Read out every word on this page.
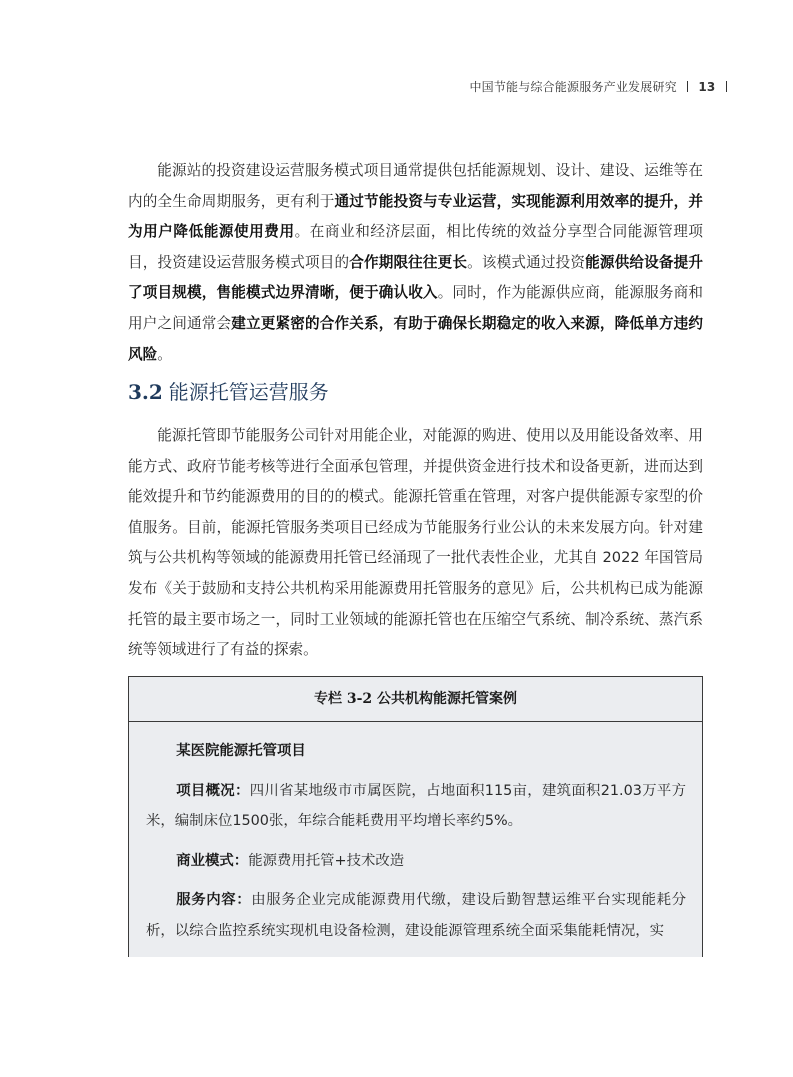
中国节能与综合能源服务产业发展研究 13

能源站的投资建设运营服务模式项目通常提供包括能源规划、设计、建设、运维等在内的全生命周期服务，更有利于通过节能投资与专业运营，实现能源利用效率的提升，并为用户降低能源使用费用。在商业和经济层面，相比传统的效益分享型合同能源管理项目，投资建设运营服务模式项目的合作期限往往更长。该模式通过投资能源供给设备提升了项目规模，售能模式边界清晰，便于确认收入。同时，作为能源供应商，能源服务商和用户之间通常会建立更紧密的合作关系，有助于确保长期稳定的收入来源，降低单方违约风险。

3.2 能源托管运营服务

能源托管即节能服务公司针对用能企业，对能源的购进、使用以及用能设备效率、用能方式、政府节能考核等进行全面承包管理，并提供资金进行技术和设备更新，进而达到能效提升和节约能源费用的目的的模式。能源托管重在管理，对客户提供能源专家型的价值服务。目前，能源托管服务类项目已经成为节能服务行业公认的未来发展方向。针对建筑与公共机构等领域的能源费用托管已经涌现了一批代表性企业，尤其自 2022 年国管局发布《关于鼓励和支持公共机构采用能源费用托管服务的意见》后，公共机构已成为能源托管的最主要市场之一，同时工业领域的能源托管也在压缩空气系统、制冷系统、蒸汽系统等领域进行了有益的探索。

专栏 3-2 公共机构能源托管案例

某医院能源托管项目

项目概况：四川省某地级市市属医院，占地面积115亩，建筑面积21.03万平方米，编制床位1500张，年综合能耗费用平均增长率约5%。

商业模式：能源费用托管+技术改造

服务内容：由服务企业完成能源费用代缴，建设后勤智慧运维平台实现能耗分析，以综合监控系统实现机电设备检测，建设能源管理系统全面采集能耗情况，实
